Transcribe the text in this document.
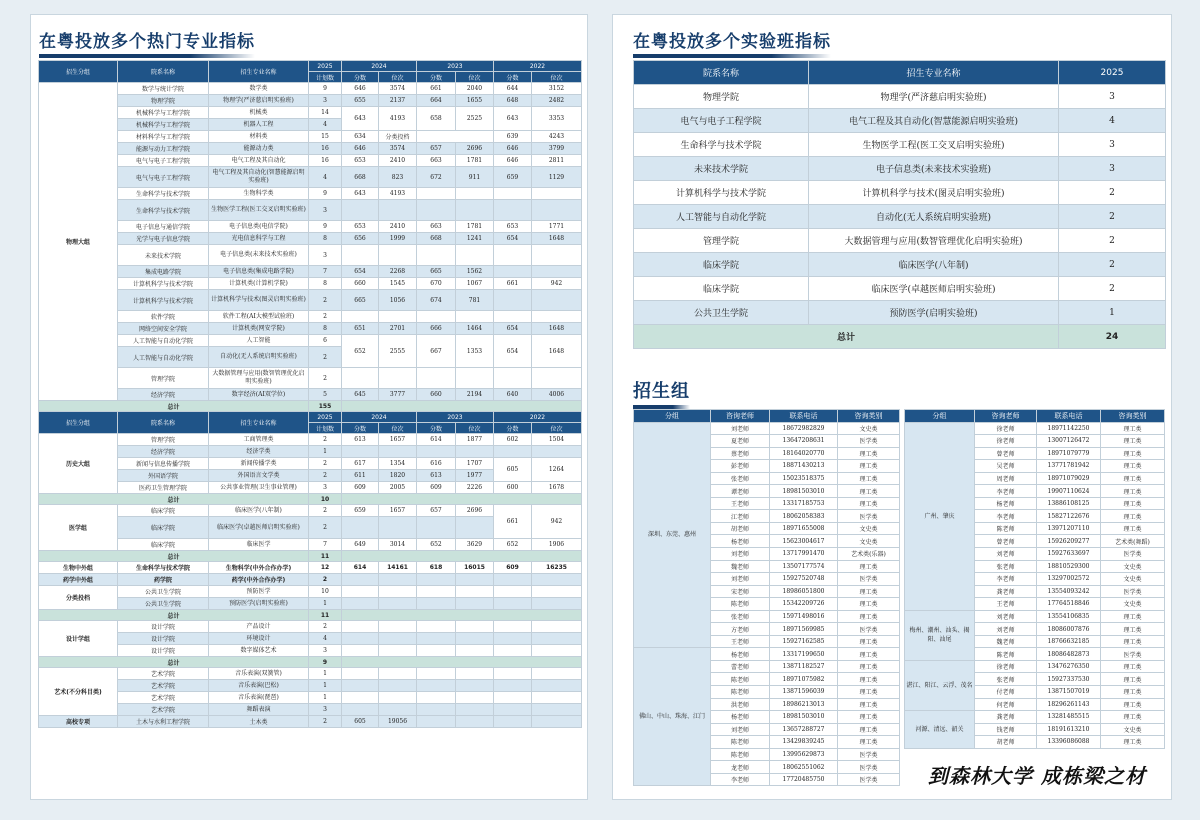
在粤投放多个热门专业指标
招生分组	院系名称	招生专业名称	2025	2024		2023		2022	
			计划数	分数	位次	分数	位次	分数	位次
物理大组	数学与统计学院	数学类	9	646	3574	661	2040	644	3152
	物理学院	物理学(严济慈启明实验班)	3	655	2137	664	1655	648	2482
	机械科学与工程学院	机械类	14	643	4193	658	2525	643	3353
	机械科学与工程学院	机器人工程	4						
	材料科学与工程学院	材料类	15	634	分类投档			639	4243
	能源与动力工程学院	能源动力类	16	646	3574	657	2696	646	3799
	电气与电子工程学院	电气工程及其自动化	16	653	2410	663	1781	646	2811
	电气与电子工程学院	电气工程及其自动化(智慧能源启明实验班)	4	668	823	672	911	659	1129
	生命科学与技术学院	生物科学类	9	643	4193				
	生命科学与技术学院	生物医学工程(医工交叉启明实验班)	3						
	电子信息与通信学院	电子信息类(电信学院)	9	653	2410	663	1781	653	1771
	光学与电子信息学院	光电信息科学与工程	8	656	1999	668	1241	654	1648
	未来技术学院	电子信息类(未来技术实验班)	3						
	集成电路学院	电子信息类(集成电路学院)	7	654	2268	665	1562		
	计算机科学与技术学院	计算机类(计算机学院)	8	660	1545	670	1067	661	942
	计算机科学与技术学院	计算机科学与技术(图灵启明实验班)	2	665	1056	674	781		
	软件学院	软件工程(AI大模型试验班)	2						
	网络空间安全学院	计算机类(网安学院)	8	651	2701	666	1464	654	1648
	人工智能与自动化学院	人工智能	6	652	2555	667	1353	654	1648
	人工智能与自动化学院	自动化(无人系统启明实验班)	2						
	管理学院	大数据管理与应用(数智管理优化启明实验班)	2						
	经济学院	数字经济(AI双学位)	5	645	3777	660	2194	640	4006
总计			155						
招生分组	院系名称	招生专业名称	2025	2024		2023		2022	
			计划数	分数	位次	分数	位次	分数	位次
历史大组	管理学院	工商管理类	2	613	1657	614	1877	602	1504
	经济学院	经济学类	1						
	新闻与信息传播学院	新闻传播学类	2	617	1354	616	1707	605	1264
	外国语学院	外国语言文学类	2	611	1820	613	1977		
	医药卫生管理学院	公共事业管理(卫生事业管理)	3	609	2005	609	2226	600	1678
总计			10						
医学组	临床学院	临床医学(八年制)	2	659	1657	657	2696	661	942
	临床学院	临床医学(卓越医师启明实验班)	2						
	临床学院	临床医学	7	649	3014	652	3629	652	1906
总计			11						
生物中外组	生命科学与技术学院	生物科学(中外合作办学)	12	614	14161	618	16015	609	16235
药学中外组	药学院	药学(中外合作办学)	2						
分类投档	公共卫生学院	预防医学	10						
	公共卫生学院	预防医学(启明实验班)	1						
总计			11						
设计学组	设计学院	产品设计	2						
	设计学院	环境设计	4						
	设计学院	数字媒体艺术	3						
总计			9						
艺术(不分科目类)	艺术学院	音乐表演(双簧管)	1						
	艺术学院	音乐表演(巴松)	1						
	艺术学院	音乐表演(琵琶)	1						
	艺术学院	舞蹈表演	3						
高校专项	土木与水利工程学院	土木类	2	605	19056				
在粤投放多个实验班指标
院系名称	招生专业名称	2025
物理学院	物理学(严济慈启明实验班)	3
电气与电子工程学院	电气工程及其自动化(智慧能源启明实验班)	4
生命科学与技术学院	生物医学工程(医工交叉启明实验班)	3
未来技术学院	电子信息类(未来技术实验班)	3
计算机科学与技术学院	计算机科学与技术(图灵启明实验班)	2
人工智能与自动化学院	自动化(无人系统启明实验班)	2
管理学院	大数据管理与应用(数智管理优化启明实验班)	2
临床学院	临床医学(八年制)	2
临床学院	临床医学(卓越医师启明实验班)	2
公共卫生学院	预防医学(启明实验班)	1
总计		24
招生组
分组	咨询老师	联系电话	咨询类别
深圳、东莞、惠州	刘老师	18672982829	文史类
	夏老师	13647208631	医学类
	蔡老师	18164020770	理工类
	彭老师	18871430213	理工类
	张老师	15023518375	理工类
	谭老师	18981503010	理工类
	王老师	13317185753	理工类
	江老师	18062058383	医学类
	胡老师	18971655008	文史类
	杨老师	15623004617	文史类
	刘老师	13717991470	艺术类(乐器)
	魏老师	13507177574	理工类
	刘老师	15927520748	医学类
	宋老师	18986051800	理工类
	陈老师	15342209726	理工类
	张老师	15971498016	理工类
	方老师	18971569985	医学类
	王老师	15927162585	理工类
佛山、中山、珠海、江门	杨老师	13317199650	理工类
	蕾老师	13871182527	理工类
	陈老师	18971075982	理工类
	陈老师	13871596039	理工类
	洪老师	18986213013	理工类
	杨老师	18981503010	理工类
	刘老师	13657288727	理工类
	陈老师	13429839245	理工类
	陈老师	13995629873	医学类
	龙老师	18062551062	医学类
	李老师	17720485750	医学类
分组	咨询老师	联系电话	咨询类别
广州、肇庆	徐老师	18971142250	理工类
	徐老师	13007126472	理工类
	曾老师	18971079779	理工类
	吴老师	13771781942	理工类
	周老师	18971079029	理工类
	李老师	19907110624	理工类
	杨老师	13886108125	理工类
	李老师	15827122676	理工类
	陈老师	13971207110	理工类
	曾老师	15926209277	艺术类(舞蹈)
	刘老师	15927633697	医学类
	张老师	18810529300	文史类
	李老师	13297002572	文史类
	龚老师	13554093242	医学类
	王老师	17764518846	文史类
梅州、潮州、汕头、揭阳、汕尾	刘老师	13554106835	理工类
	刘老师	18086007876	理工类
	魏老师	18766632185	理工类
	陈老师	18086482873	医学类
湛江、阳江、云浮、茂名	徐老师	13476276350	理工类
	张老师	15927337530	理工类
	付老师	13871507019	理工类
	何老师	18296261143	理工类
河源、清远、韶关	龚老师	13281485515	理工类
	钱老师	18191613210	文史类
	胡老师	13396086088	理工类
到森林大学 成栋梁之材
